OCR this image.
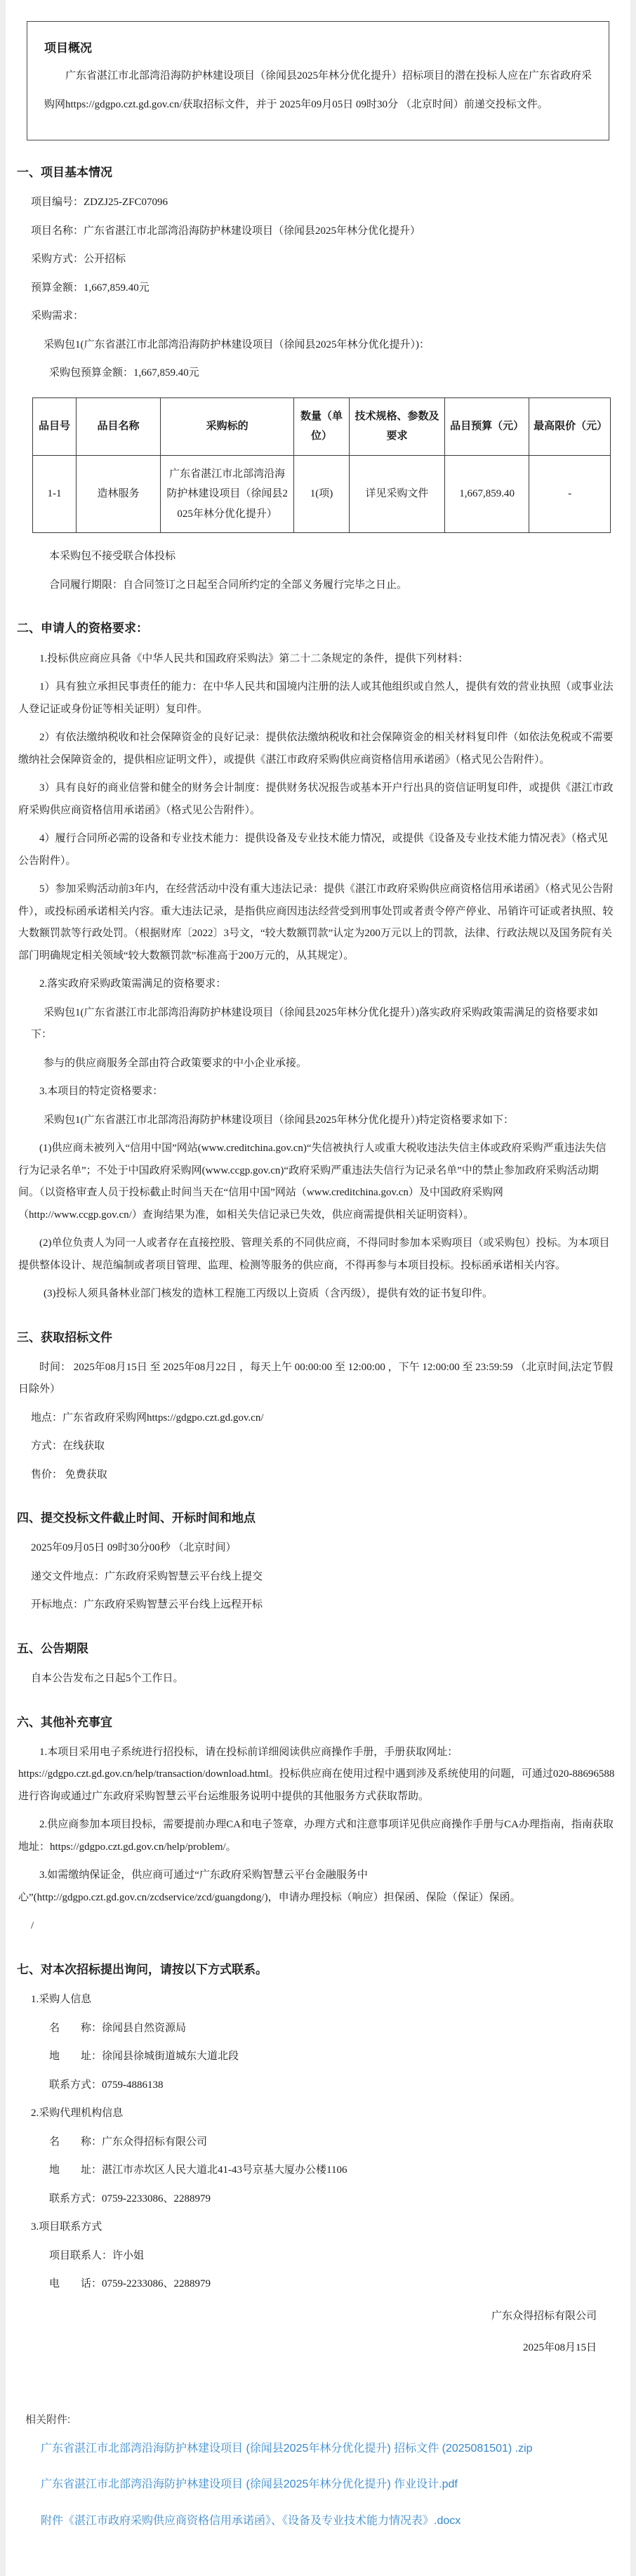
项目概况

广东省湛江市北部湾沿海防护林建设项目（徐闻县2025年林分优化提升）招标项目的潜在投标人应在广东省政府采购网https://gdgpo.czt.gd.gov.cn/获取招标文件，并于 2025年09月05日 09时30分 （北京时间）前递交投标文件。

一、项目基本情况

项目编号：ZDZJ25-ZFC07096

项目名称：广东省湛江市北部湾沿海防护林建设项目（徐闻县2025年林分优化提升）

采购方式：公开招标

预算金额：1,667,859.40元

采购需求：

采购包1(广东省湛江市北部湾沿海防护林建设项目（徐闻县2025年林分优化提升）)：

采购包预算金额：1,667,859.40元

品目号	品目名称	采购标的	数量（单位）	技术规格、参数及要求	品目预算（元）	最高限价（元）
1-1	造林服务	广东省湛江市北部湾沿海防护林建设项目（徐闻县2025年林分优化提升）	1(项)	详见采购文件	1,667,859.40	-

本采购包不接受联合体投标

合同履行期限：自合同签订之日起至合同所约定的全部义务履行完毕之日止。

二、申请人的资格要求：

1.投标供应商应具备《中华人民共和国政府采购法》第二十二条规定的条件，提供下列材料：

1）具有独立承担民事责任的能力：在中华人民共和国境内注册的法人或其他组织或自然人，提供有效的营业执照（或事业法人登记证或身份证等相关证明）复印件。

2）有依法缴纳税收和社会保障资金的良好记录：提供依法缴纳税收和社会保障资金的相关材料复印件（如依法免税或不需要缴纳社会保障资金的，提供相应证明文件），或提供《湛江市政府采购供应商资格信用承诺函》（格式见公告附件）。

3）具有良好的商业信誉和健全的财务会计制度：提供财务状况报告或基本开户行出具的资信证明复印件，或提供《湛江市政府采购供应商资格信用承诺函》（格式见公告附件）。

4）履行合同所必需的设备和专业技术能力：提供设备及专业技术能力情况，或提供《设备及专业技术能力情况表》（格式见公告附件）。

5）参加采购活动前3年内，在经营活动中没有重大违法记录：提供《湛江市政府采购供应商资格信用承诺函》（格式见公告附件），或投标函承诺相关内容。重大违法记录，是指供应商因违法经营受到刑事处罚或者责令停产停业、吊销许可证或者执照、较大数额罚款等行政处罚。（根据财库〔2022〕3号文，“较大数额罚款”认定为200万元以上的罚款，法律、行政法规以及国务院有关部门明确规定相关领域“较大数额罚款”标准高于200万元的，从其规定）。

2.落实政府采购政策需满足的资格要求：

采购包1(广东省湛江市北部湾沿海防护林建设项目（徐闻县2025年林分优化提升）)落实政府采购政策需满足的资格要求如下：

参与的供应商服务全部由符合政策要求的中小企业承接。

3.本项目的特定资格要求：

采购包1(广东省湛江市北部湾沿海防护林建设项目（徐闻县2025年林分优化提升）)特定资格要求如下：

(1)供应商未被列入“信用中国”网站(www.creditchina.gov.cn)“失信被执行人或重大税收违法失信主体或政府采购严重违法失信行为记录名单”；不处于中国政府采购网(www.ccgp.gov.cn)“政府采购严重违法失信行为记录名单”中的禁止参加政府采购活动期间。（以资格审查人员于投标截止时间当天在“信用中国”网站（www.creditchina.gov.cn）及中国政府采购网（http://www.ccgp.gov.cn/）查询结果为准，如相关失信记录已失效，供应商需提供相关证明资料）。

(2)单位负责人为同一人或者存在直接控股、管理关系的不同供应商，不得同时参加本采购项目（或采购包）投标。为本项目提供整体设计、规范编制或者项目管理、监理、检测等服务的供应商，不得再参与本项目投标。投标函承诺相关内容。

(3)投标人须具备林业部门核发的造林工程施工丙级以上资质（含丙级），提供有效的证书复印件。

三、获取招标文件

时间： 2025年08月15日 至 2025年08月22日 ，每天上午 00:00:00 至 12:00:00 ，下午 12:00:00 至 23:59:59 （北京时间,法定节假日除外）

地点：广东省政府采购网https://gdgpo.czt.gd.gov.cn/

方式：在线获取

售价： 免费获取

四、提交投标文件截止时间、开标时间和地点

2025年09月05日 09时30分00秒 （北京时间）

递交文件地点：广东政府采购智慧云平台线上提交

开标地点：广东政府采购智慧云平台线上远程开标

五、公告期限

自本公告发布之日起5个工作日。

六、其他补充事宜

1.本项目采用电子系统进行招投标，请在投标前详细阅读供应商操作手册，手册获取网址：https://gdgpo.czt.gd.gov.cn/help/transaction/download.html。投标供应商在使用过程中遇到涉及系统使用的问题，可通过020-88696588 进行咨询或通过广东政府采购智慧云平台运维服务说明中提供的其他服务方式获取帮助。

2.供应商参加本项目投标，需要提前办理CA和电子签章，办理方式和注意事项详见供应商操作手册与CA办理指南，指南获取地址：https://gdgpo.czt.gd.gov.cn/help/problem/。

3.如需缴纳保证金，供应商可通过“广东政府采购智慧云平台金融服务中心”(http://gdgpo.czt.gd.gov.cn/zcdservice/zcd/guangdong/)，申请办理投标（响应）担保函、保险（保证）保函。

/

七、对本次招标提出询问，请按以下方式联系。

1.采购人信息

名　　称：徐闻县自然资源局

地　　址：徐闻县徐城街道城东大道北段

联系方式：0759-4886138

2.采购代理机构信息

名　　称：广东众得招标有限公司

地　　址：湛江市赤坎区人民大道北41-43号京基大厦办公楼1106

联系方式：0759-2233086、2288979

3.项目联系方式

项目联系人：许小姐

电　　话：0759-2233086、2288979

广东众得招标有限公司

2025年08月15日

相关附件:
广东省湛江市北部湾沿海防护林建设项目 (徐闻县2025年林分优化提升) 招标文件 (2025081501) .zip
广东省湛江市北部湾沿海防护林建设项目 (徐闻县2025年林分优化提升) 作业设计.pdf
附件《湛江市政府采购供应商资格信用承诺函》、《设备及专业技术能力情况表》.docx
